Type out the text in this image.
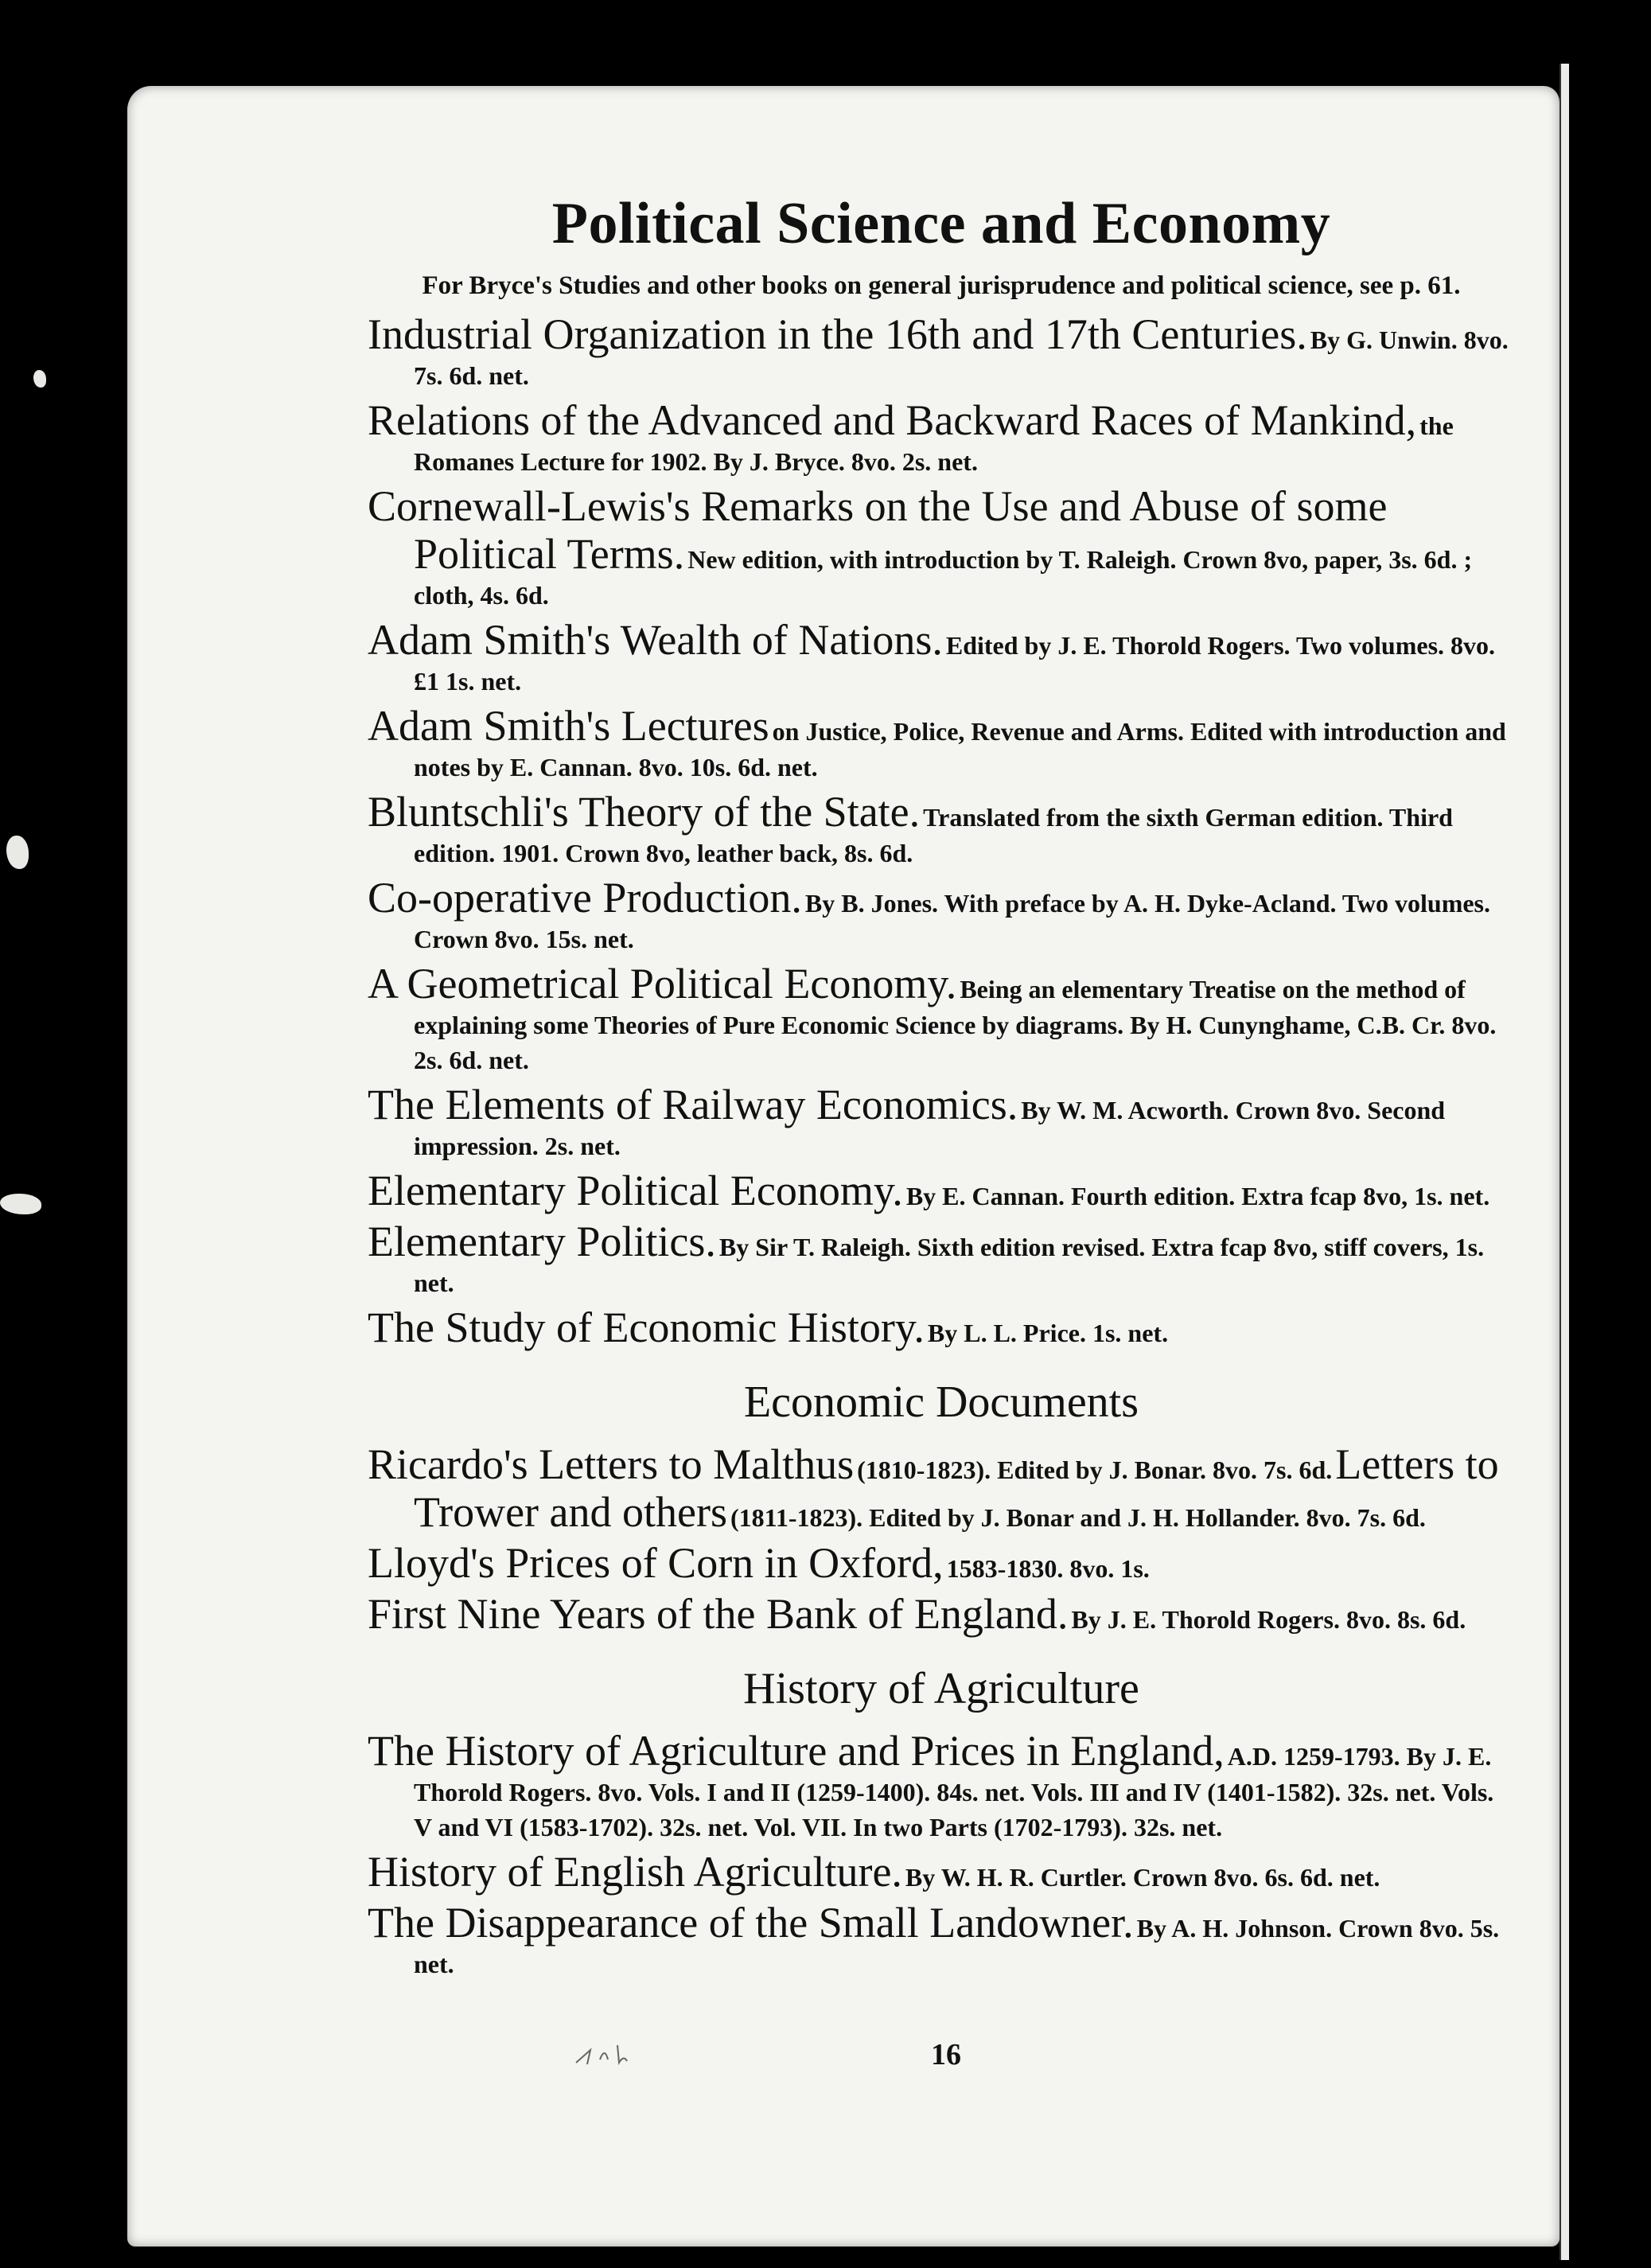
Political Science and Economy
For Bryce's Studies and other books on general jurisprudence and political science, see p. 61.

Industrial Organization in the 16th and 17th Centuries. By G. Unwin. 8vo. 7s. 6d. net.

Relations of the Advanced and Backward Races of Mankind, the Romanes Lecture for 1902. By J. Bryce. 8vo. 2s. net.

Cornewall-Lewis's Remarks on the Use and Abuse of some Political Terms. New edition, with introduction by T. Raleigh. Crown 8vo, paper, 3s. 6d. ; cloth, 4s. 6d.

Adam Smith's Wealth of Nations. Edited by J. E. Thorold Rogers. Two volumes. 8vo. £1 1s. net.

Adam Smith's Lectures on Justice, Police, Revenue and Arms. Edited with introduction and notes by E. Cannan. 8vo. 10s. 6d. net.

Bluntschli's Theory of the State. Translated from the sixth German edition. Third edition. 1901. Crown 8vo, leather back, 8s. 6d.

Co-operative Production. By B. Jones. With preface by A. H. Dyke-Acland. Two volumes. Crown 8vo. 15s. net.

A Geometrical Political Economy. Being an elementary Treatise on the method of explaining some Theories of Pure Economic Science by diagrams. By H. Cunynghame, C.B. Cr. 8vo. 2s. 6d. net.

The Elements of Railway Economics. By W. M. Acworth. Crown 8vo. Second impression. 2s. net.

Elementary Political Economy. By E. Cannan. Fourth edition. Extra fcap 8vo, 1s. net.

Elementary Politics. By Sir T. Raleigh. Sixth edition revised. Extra fcap 8vo, stiff covers, 1s. net.

The Study of Economic History. By L. L. Price. 1s. net.

Economic Documents

Ricardo's Letters to Malthus (1810-1823). Edited by J. Bonar. 8vo. 7s. 6d. Letters to Trower and others (1811-1823). Edited by J. Bonar and J. H. Hollander. 8vo. 7s. 6d.

Lloyd's Prices of Corn in Oxford, 1583-1830. 8vo. 1s.

First Nine Years of the Bank of England. By J. E. Thorold Rogers. 8vo. 8s. 6d.

History of Agriculture

The History of Agriculture and Prices in England, A.D. 1259-1793. By J. E. Thorold Rogers. 8vo. Vols. I and II (1259-1400). 84s. net. Vols. III and IV (1401-1582). 32s. net. Vols. V and VI (1583-1702). 32s. net. Vol. VII. In two Parts (1702-1793). 32s. net.

History of English Agriculture. By W. H. R. Curtler. Crown 8vo. 6s. 6d. net.

The Disappearance of the Small Landowner. By A. H. Johnson. Crown 8vo. 5s. net.

16
